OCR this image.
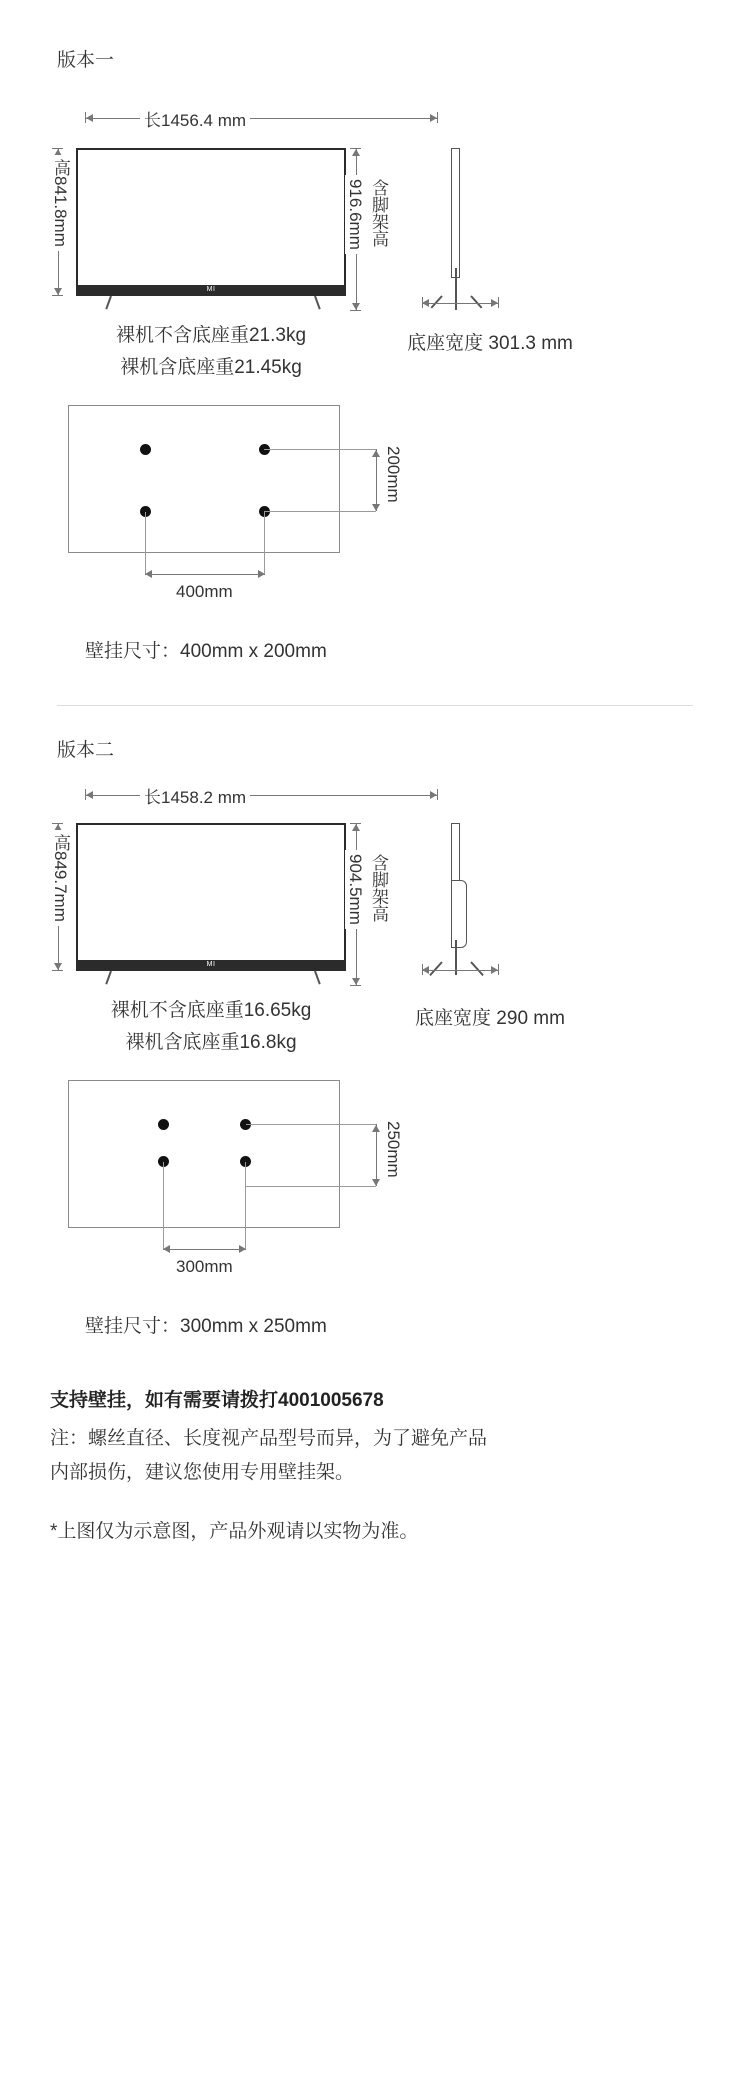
版本一
长1456.4 mm
MI
高841.8mm	916.6mm 含脚架高
裸机不含底座重21.3kg
裸机含底座重21.45kg
底座宽度 301.3 mm
200mm
400mm
壁挂尺寸：400mm x 200mm
版本二
长1458.2 mm
MI
高849.7mm	904.5mm 含脚架高
裸机不含底座重16.65kg
裸机含底座重16.8kg
底座宽度 290 mm
250mm
300mm
壁挂尺寸：300mm x 250mm
支持壁挂，如有需要请拨打4001005678
注：螺丝直径、长度视产品型号而异，为了避免产品
内部损伤，建议您使用专用壁挂架。
*上图仅为示意图，产品外观请以实物为准。
